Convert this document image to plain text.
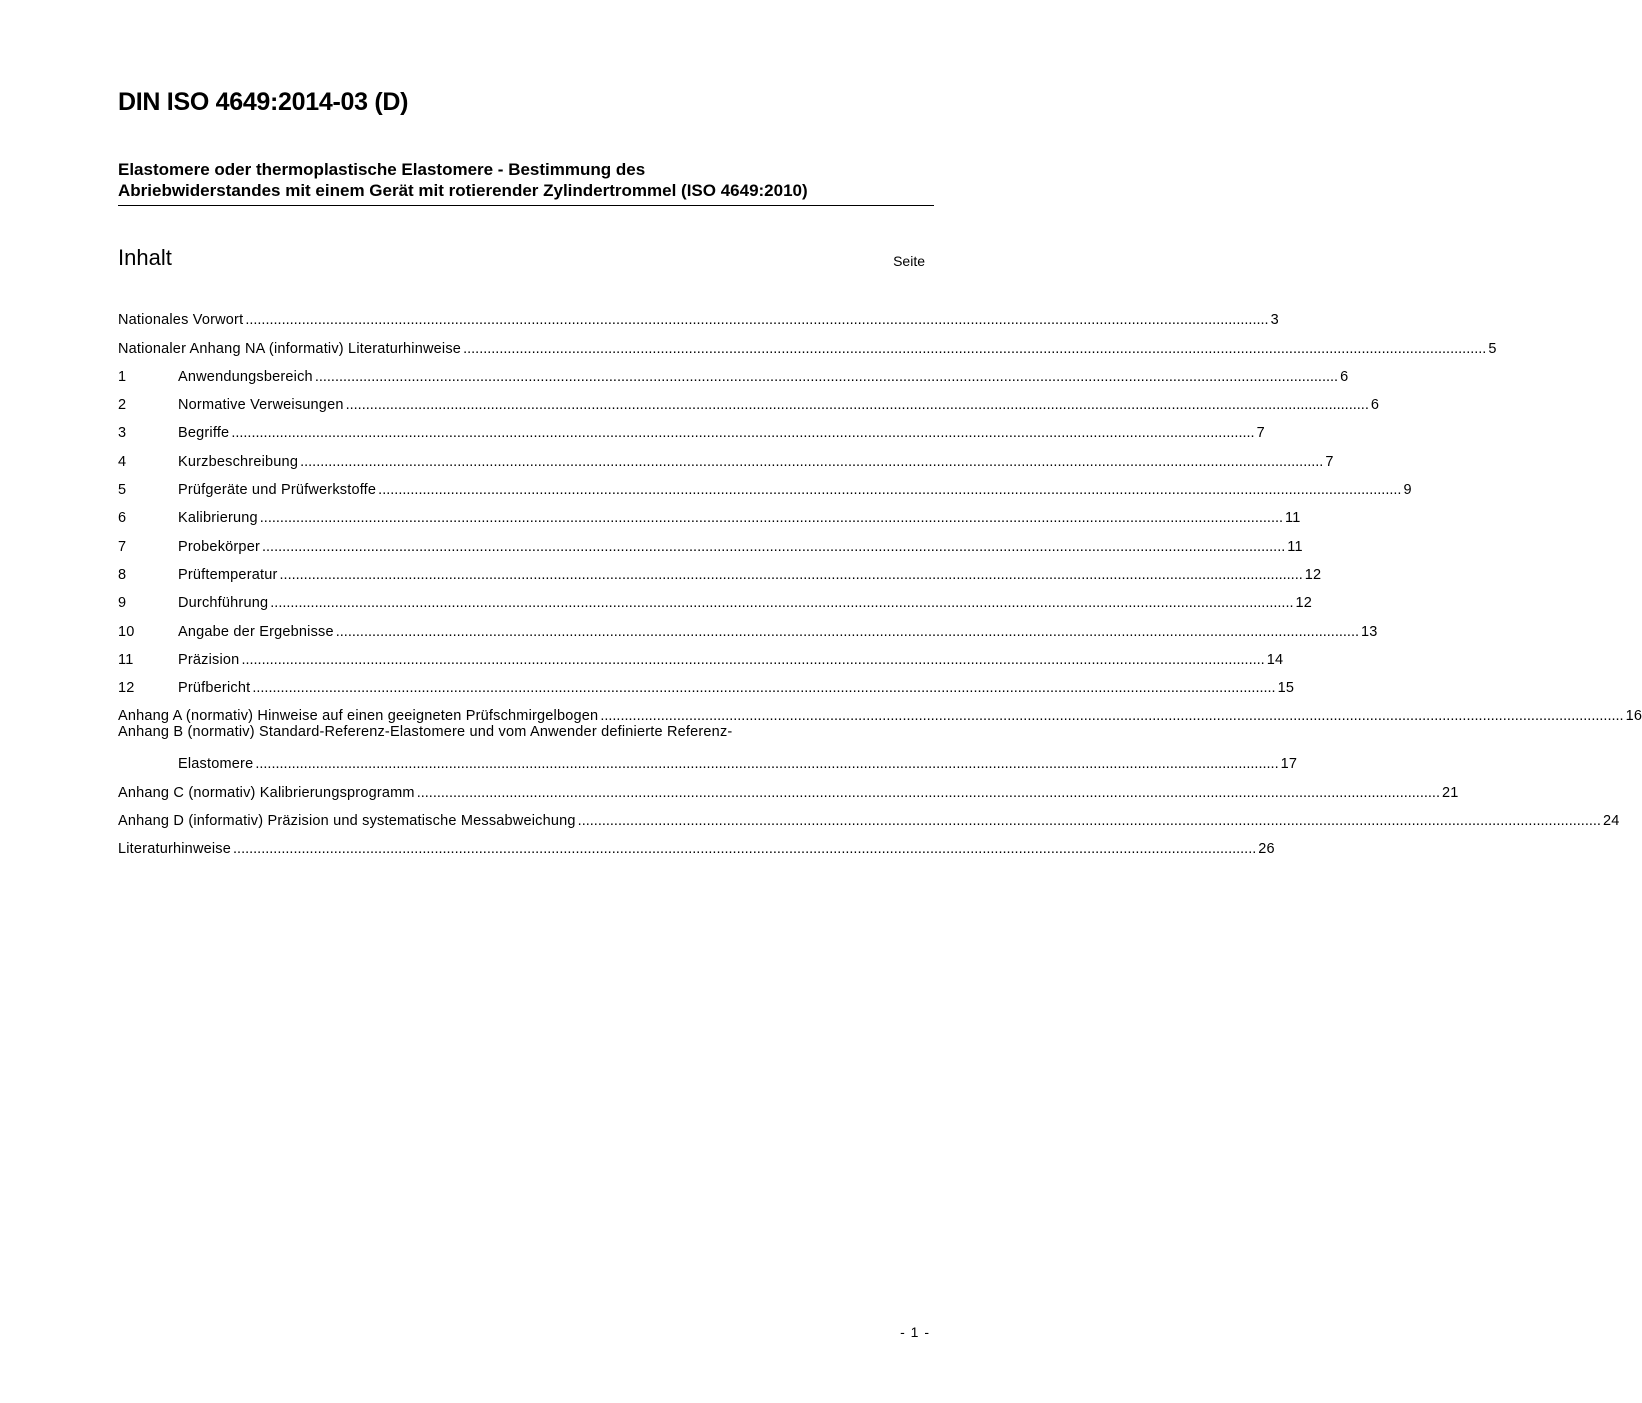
DIN ISO 4649:2014-03 (D)
Elastomere oder thermoplastische Elastomere - Bestimmung des
Abriebwiderstandes mit einem Gerät mit rotierender Zylindertrommel (ISO 4649:2010)
Inhalt	Seite
Nationales Vorwort .....	3
Nationaler Anhang NA (informativ) Literaturhinweise .....	5
1	Anwendungsbereich .....	6
2	Normative Verweisungen .....	6
3	Begriffe .....	7
4	Kurzbeschreibung .....	7
5	Prüfgeräte und Prüfwerkstoffe .....	9
6	Kalibrierung .....	11
7	Probekörper .....	11
8	Prüftemperatur .....	12
9	Durchführung .....	12
10	Angabe der Ergebnisse .....	13
11	Präzision .....	14
12	Prüfbericht .....	15
Anhang A (normativ) Hinweise auf einen geeigneten Prüfschmirgelbogen .....	16
Anhang B (normativ) Standard-Referenz-Elastomere und vom Anwender definierte Referenz-
Elastomere .....	17
Anhang C (normativ) Kalibrierungsprogramm .....	21
Anhang D (informativ) Präzision und systematische Messabweichung .....	24
Literaturhinweise .....	26
- 1 -
